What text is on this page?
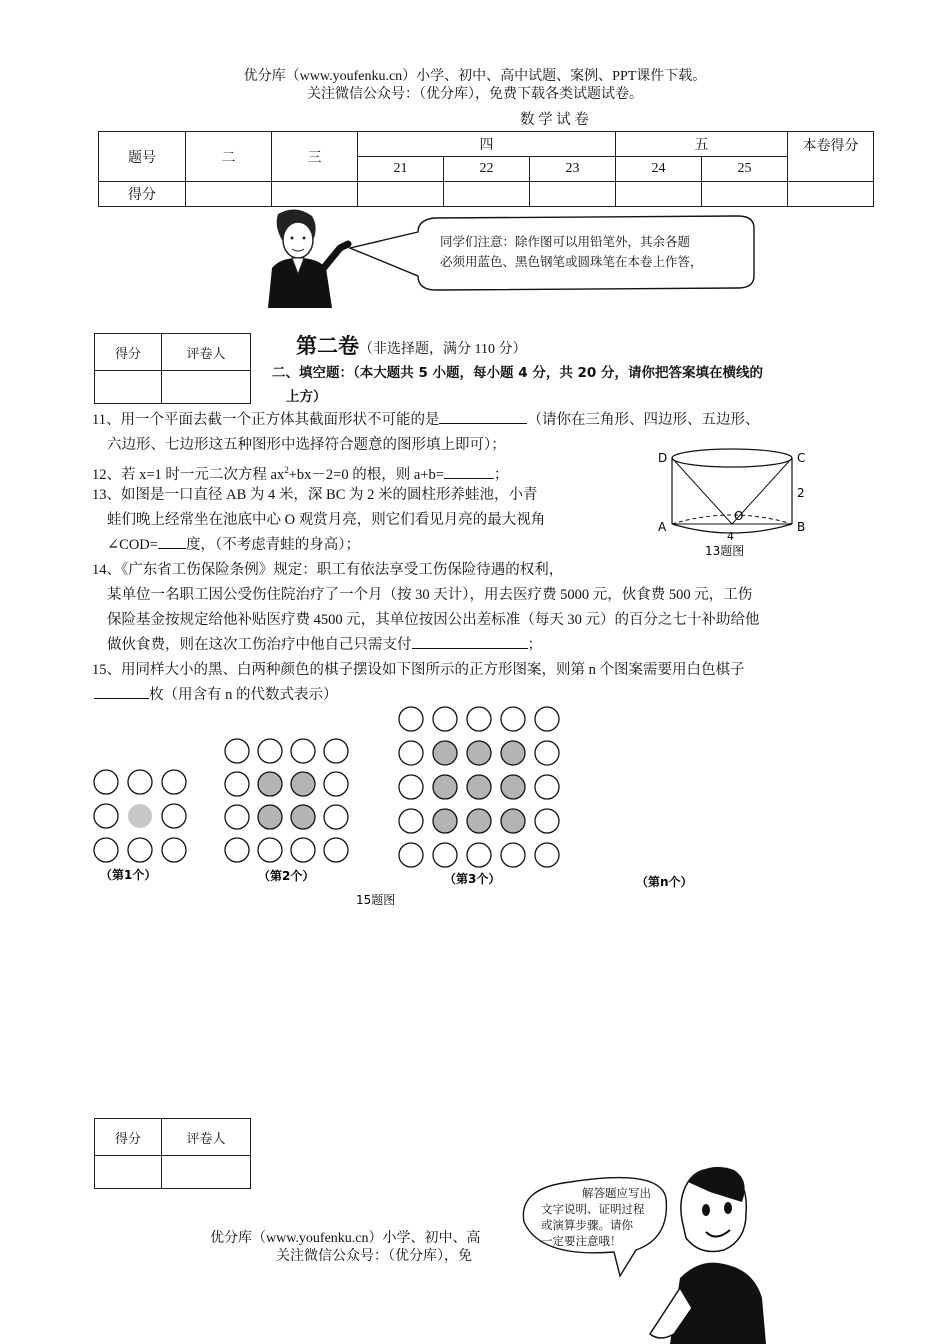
优分库（www.youfenku.cn）小学、初中、高中试题、案例、PPT课件下载。
关注微信公众号：（优分库），免费下载各类试题试卷。
数 学 试 卷
题号	二	三	四			五		本卷得分
			21	22	23	24	25	
得分								
同学们注意：除作图可以用铅笔外，其余各题
必须用蓝色、黑色钢笔或圆珠笔在本卷上作答，
得分	评卷人
		第二卷（非选择题，满分 110 分）
二、填空题：（本大题共 5 小题，每小题 4 分，共 20 分，请你把答案填在横线的
上方）
11、用一个平面去截一个正方体其截面形状不可能的是	（请你在三角形、四边形、五边形、
六边形、七边形这五种图形中选择符合题意的图形填上即可）；
12、若 x=1 时一元二次方程 $ax^2+bx-2=0$ 的根，则 a+b=	；
13、如图是一口直径 AB 为 4 米，深 BC 为 2 米的圆柱形养蛙池，小青
蛙们晚上经常坐在池底中心 O 观赏月亮，则它们看见月亮的最大视角
∠COD= 度，（不考虑青蛙的身高）；
D	C
A	B
O
2
4
13题图
14、《广东省工伤保险条例》规定：职工有依法享受工伤保险待遇的权利，
某单位一名职工因公受伤住院治疗了一个月（按 30 天计），用去医疗费 5000 元，伙食费 500 元，工伤
保险基金按规定给他补贴医疗费 4500 元，其单位按因公出差标准（每天 30 元）的百分之七十补助给他
做伙食费，则在这次工伤治疗中他自己只需支付	；
15、用同样大小的黑、白两种颜色的棋子摆设如下图所示的正方形图案，则第 n 个图案需要用白色棋子
枚（用含有 n 的代数式表示）
（第1个）	（第2个）	（第3个）	（第n个）
15题图
得分	评卷人

优分库（www.youfenku.cn）小学、初中、高
关注微信公众号：（优分库），免
解答题应写出
文字说明、证明过程
或演算步骤。请你
一定要注意哦！
